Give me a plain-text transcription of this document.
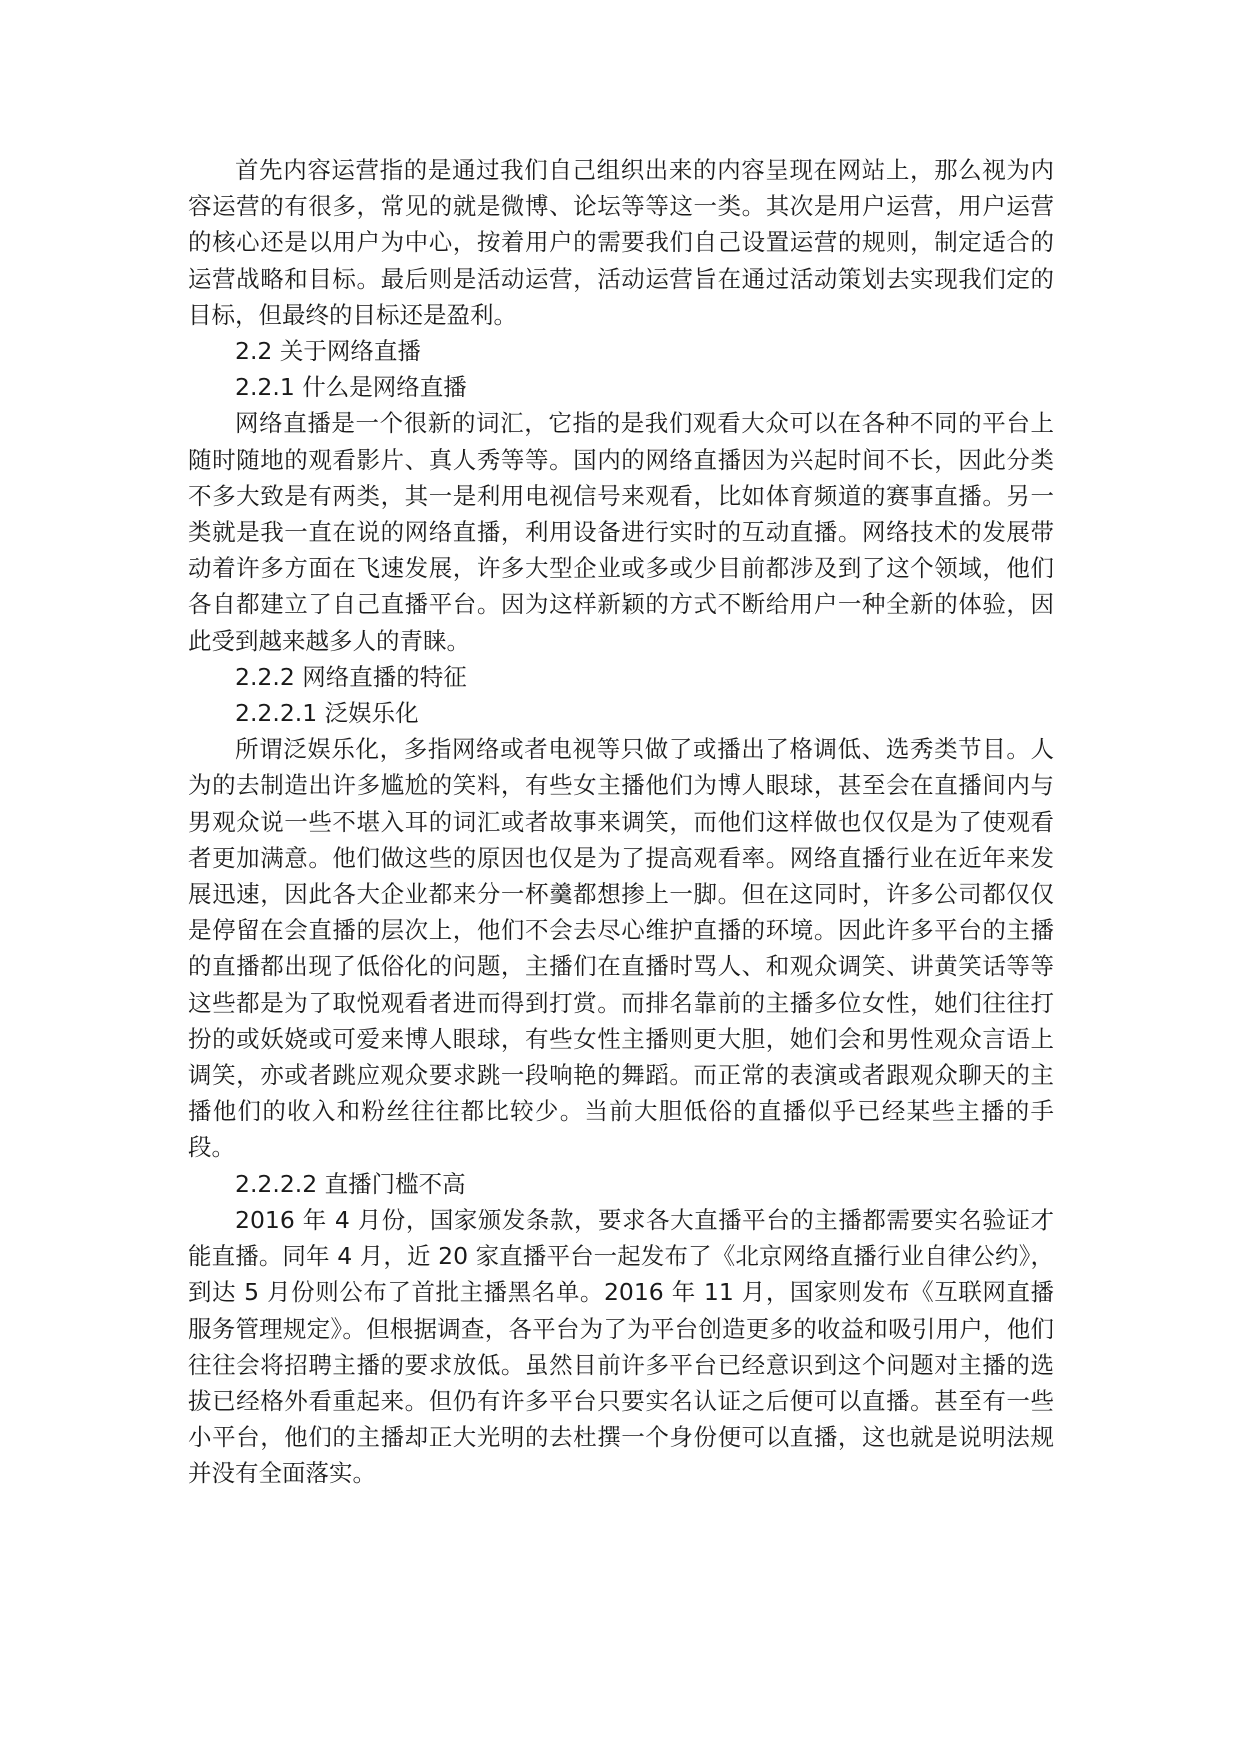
首先内容运营指的是通过我们自己组织出来的内容呈现在网站上，那么视为内容运营的有很多，常见的就是微博、论坛等等这一类。其次是用户运营，用户运营的核心还是以用户为中心，按着用户的需要我们自己设置运营的规则，制定适合的运营战略和目标。最后则是活动运营，活动运营旨在通过活动策划去实现我们定的目标，但最终的目标还是盈利。

2.2 关于网络直播

2.2.1 什么是网络直播

网络直播是一个很新的词汇，它指的是我们观看大众可以在各种不同的平台上随时随地的观看影片、真人秀等等。国内的网络直播因为兴起时间不长，因此分类不多大致是有两类，其一是利用电视信号来观看，比如体育频道的赛事直播。另一类就是我一直在说的网络直播，利用设备进行实时的互动直播。网络技术的发展带动着许多方面在飞速发展，许多大型企业或多或少目前都涉及到了这个领域，他们各自都建立了自己直播平台。因为这样新颖的方式不断给用户一种全新的体验，因此受到越来越多人的青睐。

2.2.2 网络直播的特征

2.2.2.1 泛娱乐化

所谓泛娱乐化，多指网络或者电视等只做了或播出了格调低、选秀类节目。人为的去制造出许多尴尬的笑料，有些女主播他们为博人眼球，甚至会在直播间内与男观众说一些不堪入耳的词汇或者故事来调笑，而他们这样做也仅仅是为了使观看者更加满意。他们做这些的原因也仅是为了提高观看率。网络直播行业在近年来发展迅速，因此各大企业都来分一杯羹都想掺上一脚。但在这同时，许多公司都仅仅是停留在会直播的层次上，他们不会去尽心维护直播的环境。因此许多平台的主播的直播都出现了低俗化的问题，主播们在直播时骂人、和观众调笑、讲黄笑话等等这些都是为了取悦观看者进而得到打赏。而排名靠前的主播多位女性，她们往往打扮的或妖娆或可爱来博人眼球，有些女性主播则更大胆，她们会和男性观众言语上调笑，亦或者跳应观众要求跳一段响艳的舞蹈。而正常的表演或者跟观众聊天的主播他们的收入和粉丝往往都比较少。当前大胆低俗的直播似乎已经某些主播的手段。

2.2.2.2 直播门槛不高

2016 年 4 月份，国家颁发条款，要求各大直播平台的主播都需要实名验证才能直播。同年 4 月，近 20 家直播平台一起发布了《北京网络直播行业自律公约》，到达 5 月份则公布了首批主播黑名单。2016 年 11 月，国家则发布《互联网直播服务管理规定》。但根据调查，各平台为了为平台创造更多的收益和吸引用户，他们往往会将招聘主播的要求放低。虽然目前许多平台已经意识到这个问题对主播的选拔已经格外看重起来。但仍有许多平台只要实名认证之后便可以直播。甚至有一些小平台，他们的主播却正大光明的去杜撰一个身份便可以直播，这也就是说明法规并没有全面落实。
